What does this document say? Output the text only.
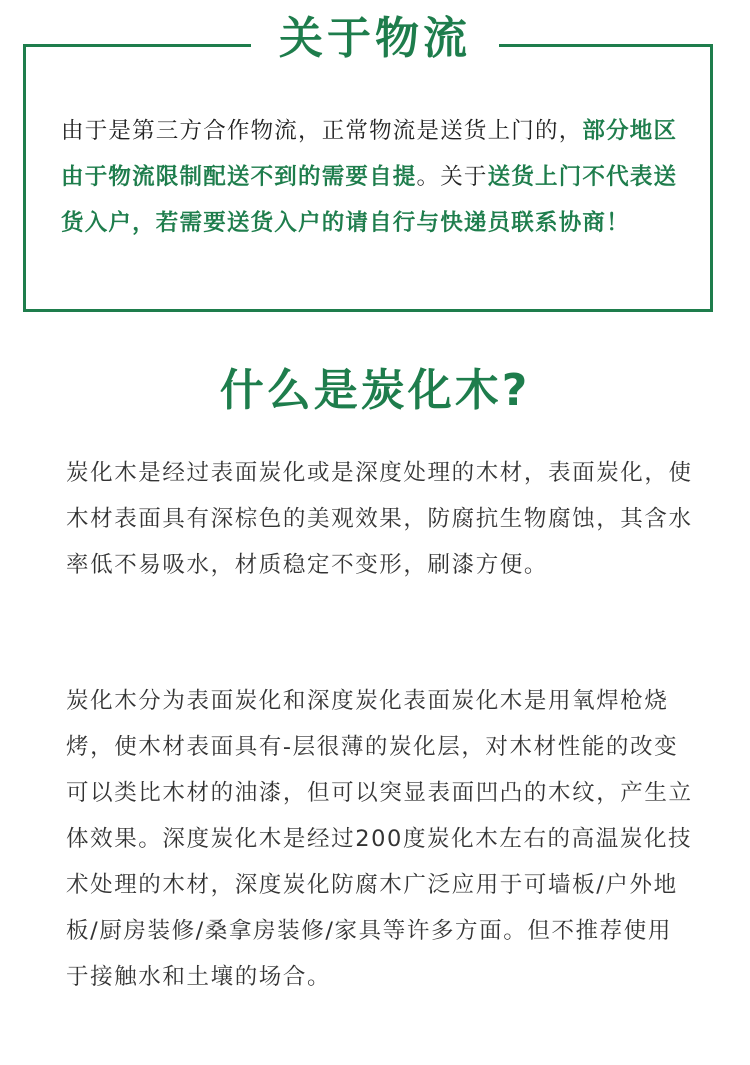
关于物流
由于是第三方合作物流，正常物流是送货上门的，部分地区由于物流限制配送不到的需要自提。关于送货上门不代表送货入户，若需要送货入户的请自行与快递员联系协商！
什么是炭化木?

炭化木是经过表面炭化或是深度处理的木材，表面炭化，使木材表面具有深棕色的美观效果，防腐抗生物腐蚀，其含水率低不易吸水，材质稳定不变形，刷漆方便。

炭化木分为表面炭化和深度炭化表面炭化木是用氧焊枪烧烤，使木材表面具有-层很薄的炭化层，对木材性能的改变可以类比木材的油漆，但可以突显表面凹凸的木纹，产生立体效果。深度炭化木是经过200度炭化木左右的高温炭化技术处理的木材，深度炭化防腐木广泛应用于可墙板/户外地板/厨房装修/桑拿房装修/家具等许多方面。但不推荐使用于接触水和土壤的场合。
